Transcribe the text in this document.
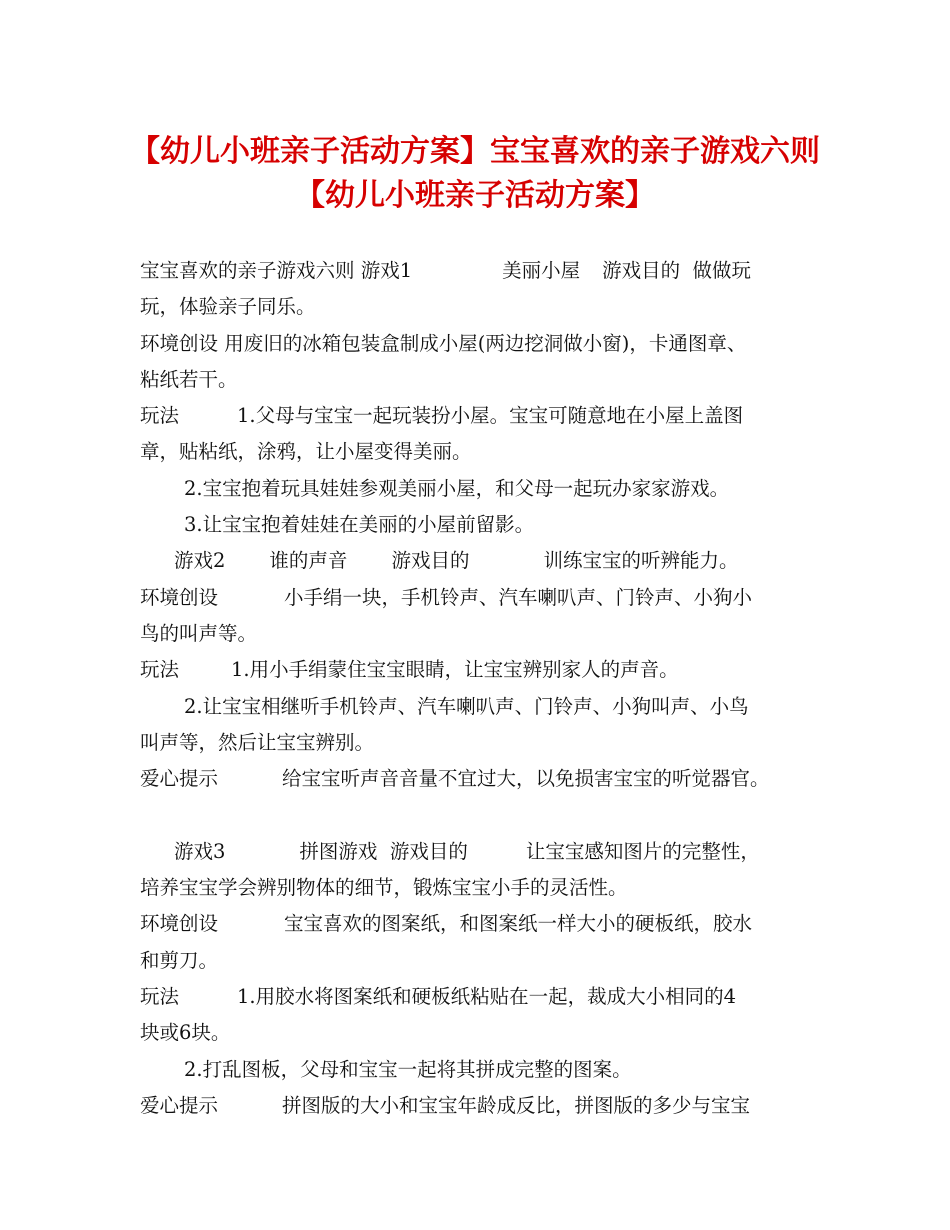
【幼儿小班亲子活动方案】宝宝喜欢的亲子游戏六则
【幼儿小班亲子活动方案】
宝宝喜欢的亲子游戏六则 游戏1	美丽小屋 游戏目的 做做玩
玩，体验亲子同乐。
环境创设 用废旧的冰箱包装盒制成小屋(两边挖洞做小窗)，卡通图章、
粘纸若干。
玩法	1.父母与宝宝一起玩装扮小屋。宝宝可随意地在小屋上盖图
章，贴粘纸，涂鸦，让小屋变得美丽。
2.宝宝抱着玩具娃娃参观美丽小屋，和父母一起玩办家家游戏。
3.让宝宝抱着娃娃在美丽的小屋前留影。
游戏2 谁的声音 游戏目的	训练宝宝的听辨能力。
环境创设	小手绢一块，手机铃声、汽车喇叭声、门铃声、小狗小
鸟的叫声等。
玩法	1.用小手绢蒙住宝宝眼睛，让宝宝辨别家人的声音。
2.让宝宝相继听手机铃声、汽车喇叭声、门铃声、小狗叫声、小鸟
叫声等，然后让宝宝辨别。
爱心提示	给宝宝听声音音量不宜过大，以免损害宝宝的听觉器官。
游戏3	拼图游戏 游戏目的	让宝宝感知图片的完整性，
培养宝宝学会辨别物体的细节，锻炼宝宝小手的灵活性。
环境创设	宝宝喜欢的图案纸，和图案纸一样大小的硬板纸，胶水
和剪刀。
玩法	1.用胶水将图案纸和硬板纸粘贴在一起，裁成大小相同的4
块或6块。
2.打乱图板，父母和宝宝一起将其拼成完整的图案。
爱心提示	拼图版的大小和宝宝年龄成反比，拼图版的多少与宝宝
